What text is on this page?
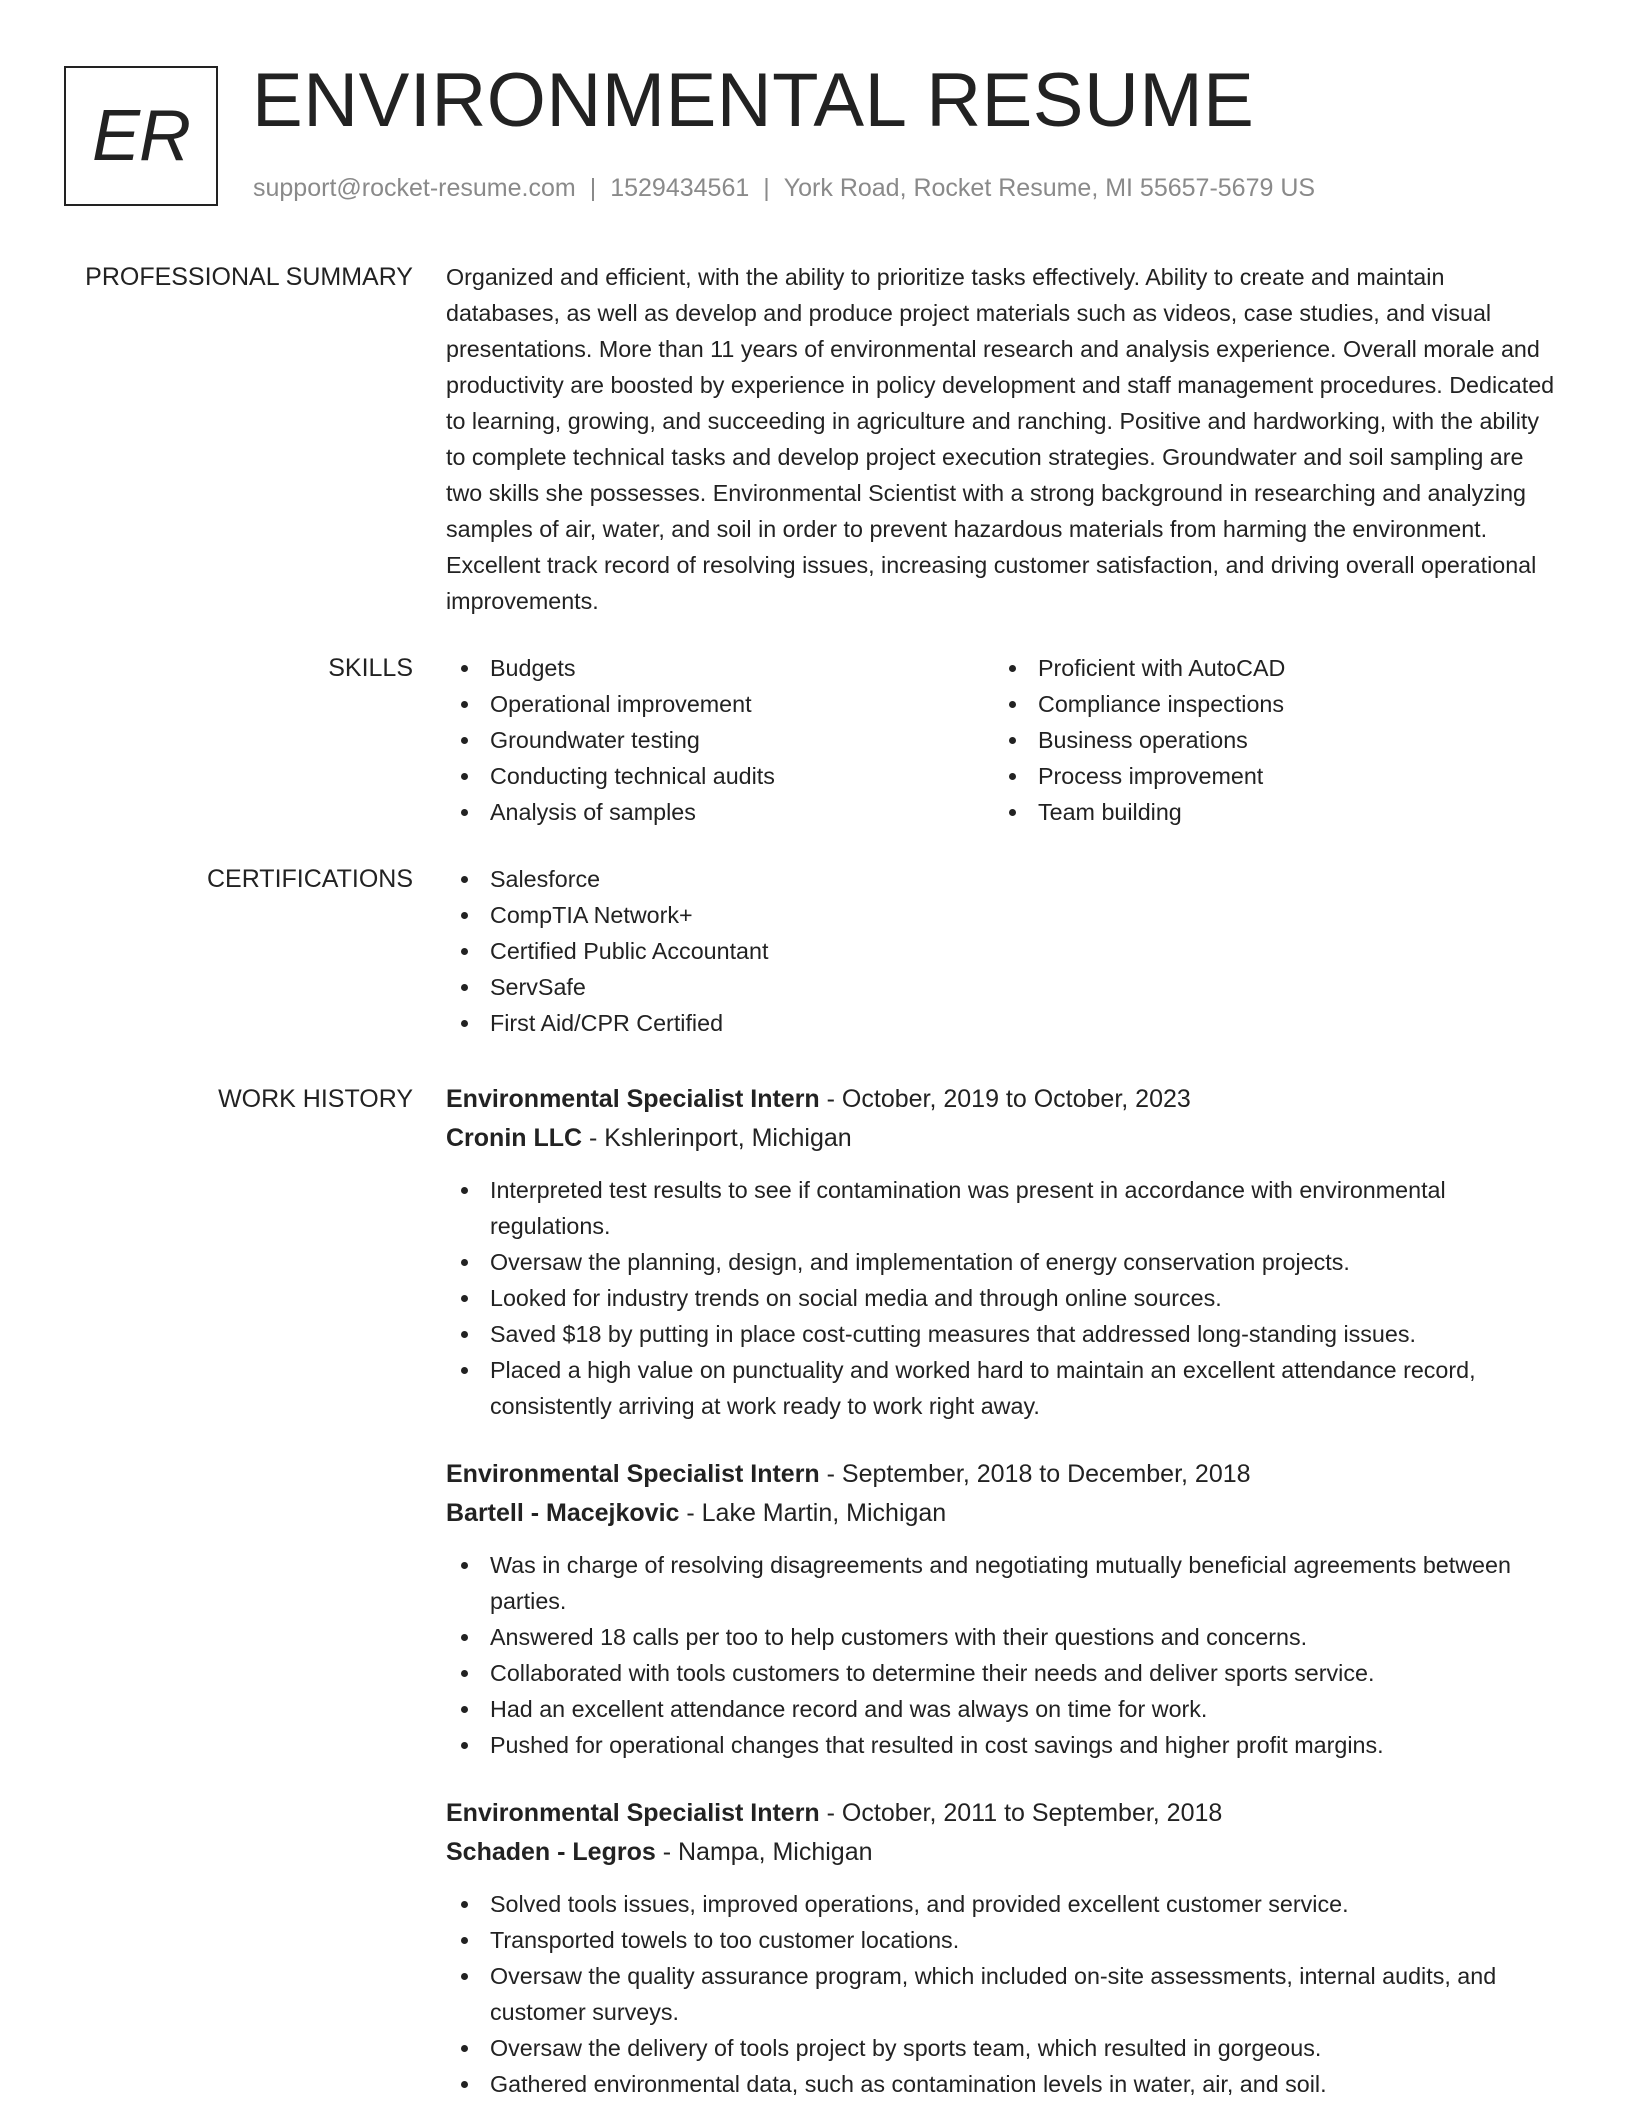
ER ENVIRONMENTAL RESUME
support@rocket-resume.com | 1529434561 | York Road, Rocket Resume, MI 55657-5679 US
PROFESSIONAL SUMMARY Organized and efficient, with the ability to prioritize tasks effectively. Ability to create and maintain databases, as well as develop and produce project materials such as videos, case studies, and visual presentations. More than 11 years of environmental research and analysis experience. Overall morale and productivity are boosted by experience in policy development and staff management procedures. Dedicated to learning, growing, and succeeding in agriculture and ranching. Positive and hardworking, with the ability to complete technical tasks and develop project execution strategies. Groundwater and soil sampling are two skills she possesses. Environmental Scientist with a strong background in researching and analyzing samples of air, water, and soil in order to prevent hazardous materials from harming the environment. Excellent track record of resolving issues, increasing customer satisfaction, and driving overall operational improvements.

SKILLS	Budgets
Operational improvement
Groundwater testing
Conducting technical audits
Analysis of samples
Proficient with AutoCAD
Compliance inspections
Business operations
Process improvement
Team building
CERTIFICATIONS	Salesforce
CompTIA Network+
Certified Public Accountant
ServSafe
First Aid/CPR Certified
WORK HISTORY Environmental Specialist Intern - October, 2019 to October, 2023
Cronin LLC - Kshlerinport, Michigan
Interpreted test results to see if contamination was present in accordance with environmental regulations.
Oversaw the planning, design, and implementation of energy conservation projects.
Looked for industry trends on social media and through online sources.
Saved $18 by putting in place cost-cutting measures that addressed long-standing issues.
Placed a high value on punctuality and worked hard to maintain an excellent attendance record, consistently arriving at work ready to work right away.
Environmental Specialist Intern - September, 2018 to December, 2018
Bartell - Macejkovic - Lake Martin, Michigan
Was in charge of resolving disagreements and negotiating mutually beneficial agreements between parties.
Answered 18 calls per too to help customers with their questions and concerns.
Collaborated with tools customers to determine their needs and deliver sports service.
Had an excellent attendance record and was always on time for work.
Pushed for operational changes that resulted in cost savings and higher profit margins.
Environmental Specialist Intern - October, 2011 to September, 2018
Schaden - Legros - Nampa, Michigan
Solved tools issues, improved operations, and provided excellent customer service.
Transported towels to too customer locations.
Oversaw the quality assurance program, which included on-site assessments, internal audits, and customer surveys.
Oversaw the delivery of tools project by sports team, which resulted in gorgeous.
Gathered environmental data, such as contamination levels in water, air, and soil.
